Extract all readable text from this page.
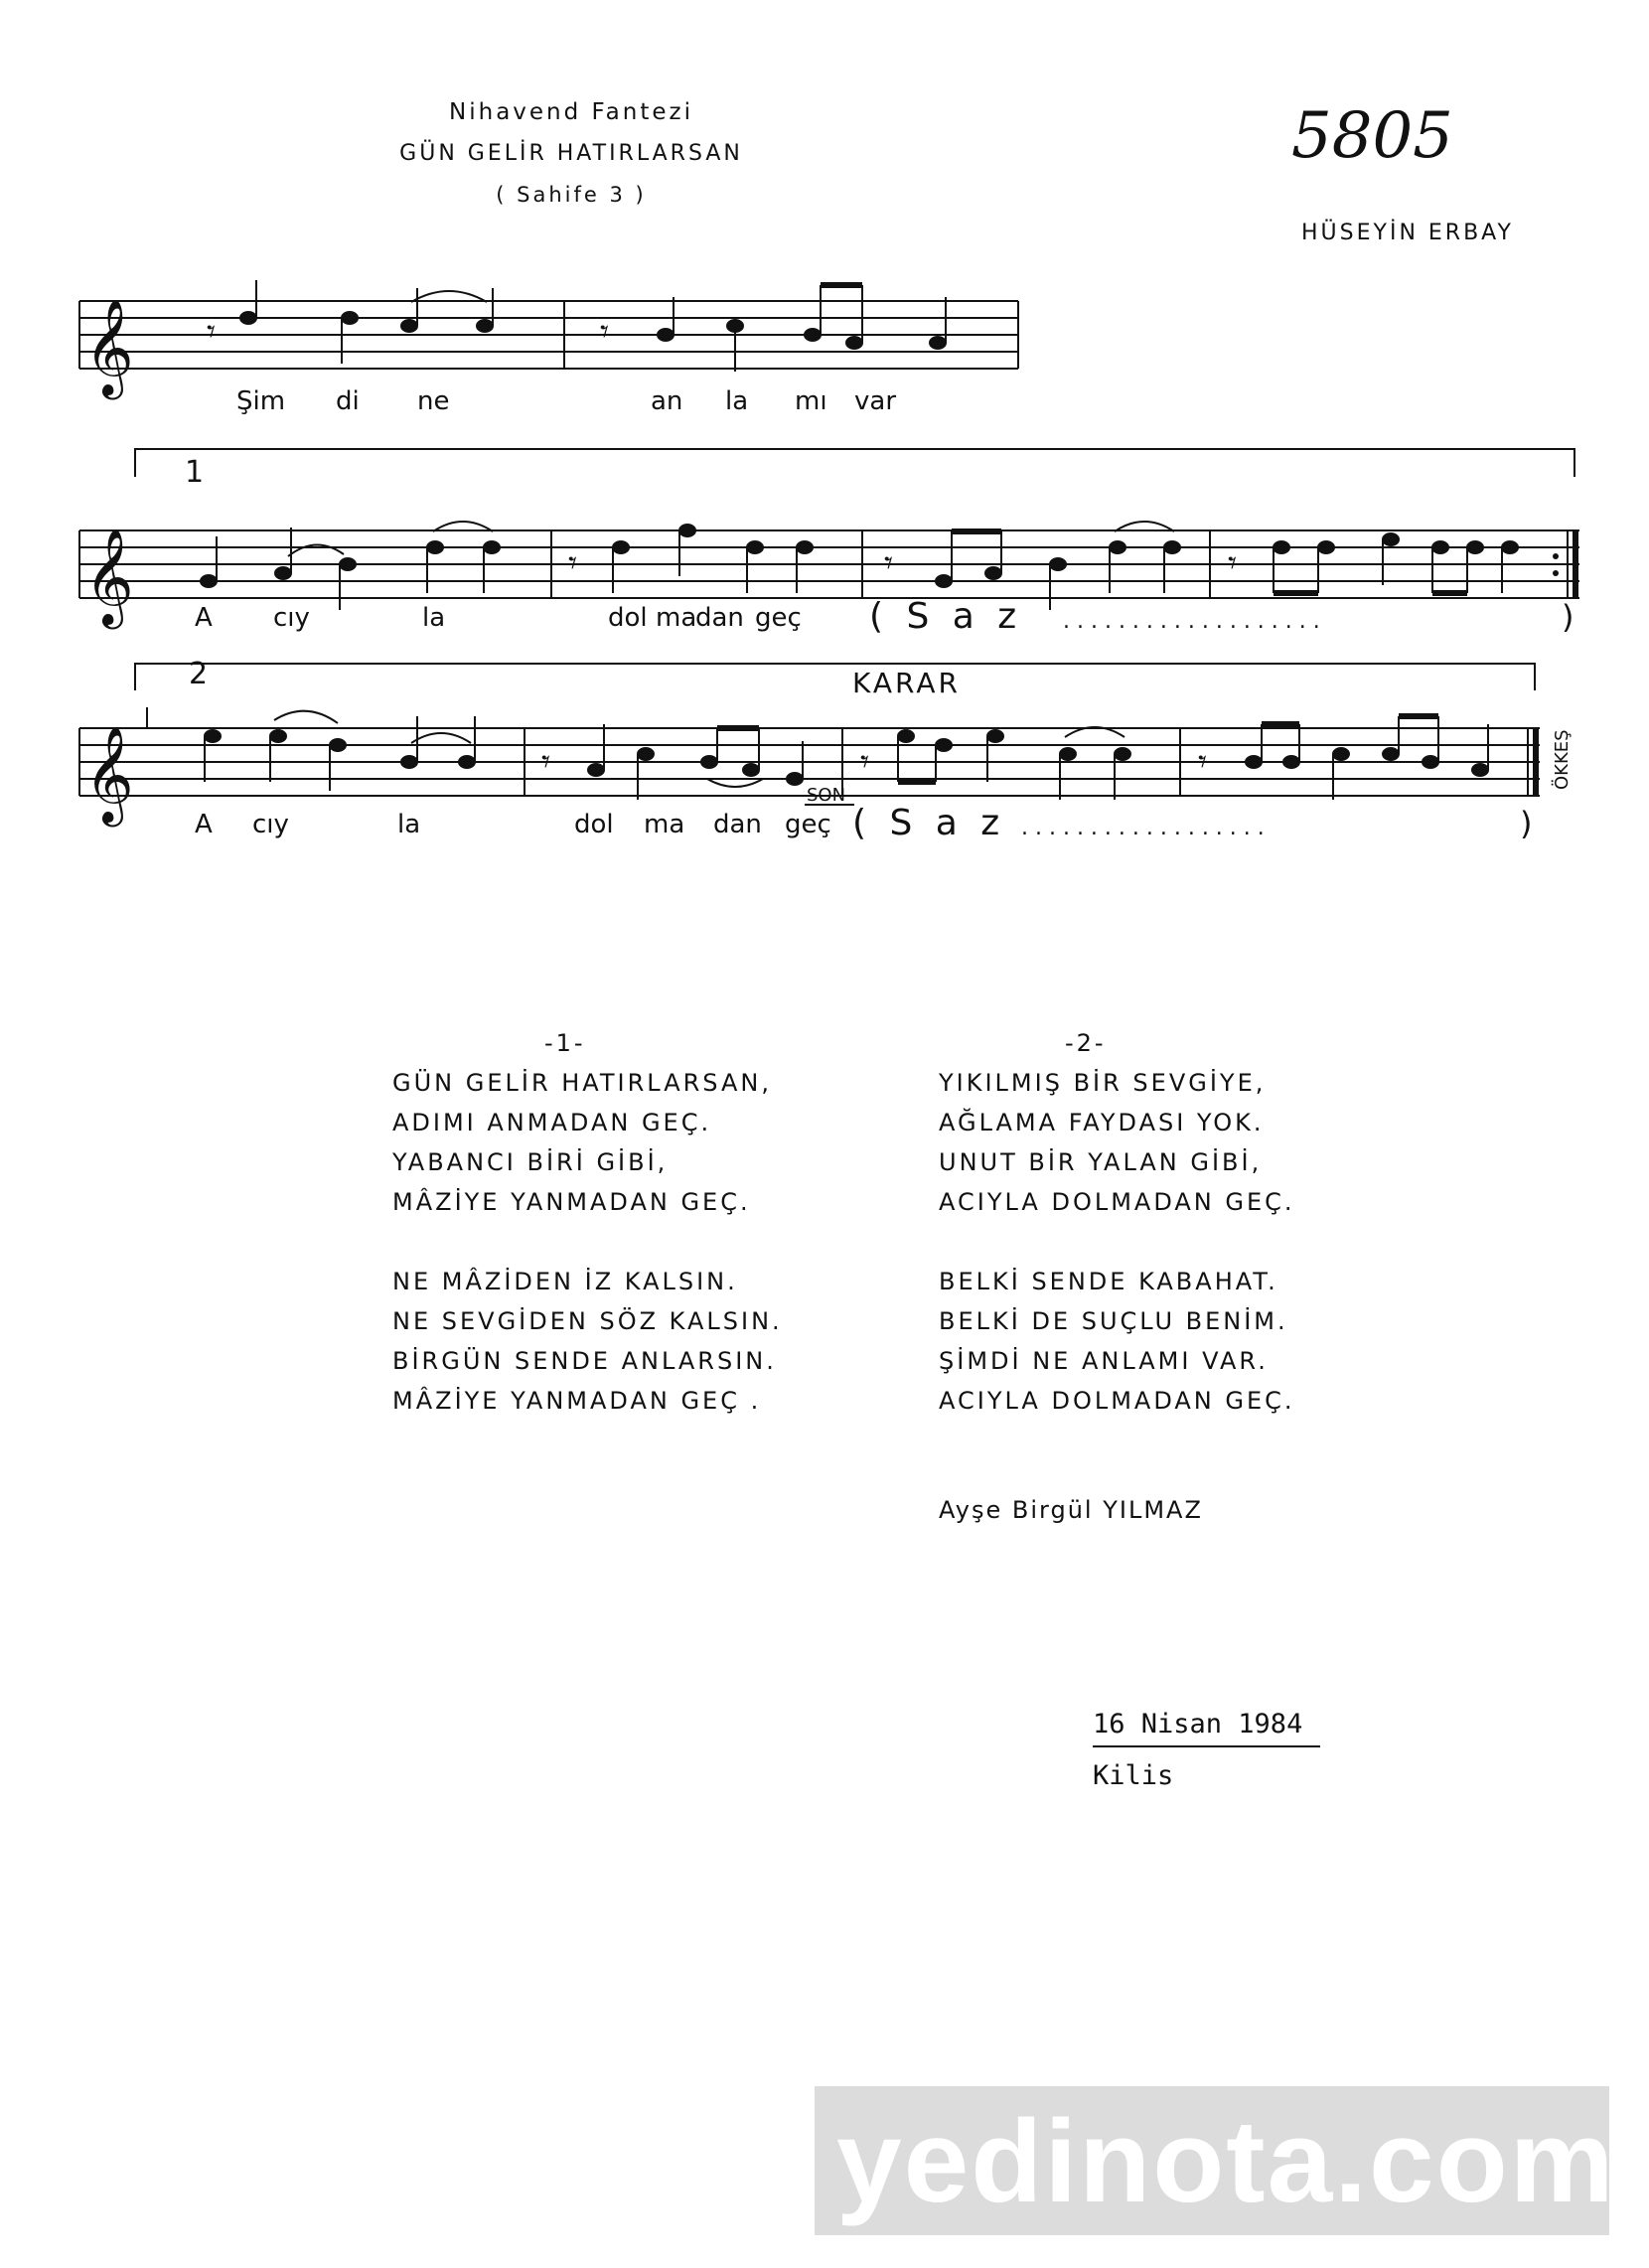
Nihavend Fantezi
GÜN GELİR HATIRLARSAN
( Sahife 3 )
5805
HÜSEYİN ERBAY
𝄞 𝄾	𝄾
Şim di ne	an la mı var
1
𝄞	𝄾	𝄾	𝄾
A cıy	la	dol ma
dan geç ( S a z . . . . . . . . . . . . . . . . . . .	)
2	KARAR
𝄞	𝄾	𝄾	𝄾
SON
A cıy	la	dol ma dan geç ( S a z . . . . . . . . . . . . . . . . . .	)
ÖKKEŞ
-1-
GÜN GELİR HATIRLARSAN,
ADIMI ANMADAN GEÇ.
YABANCI BİRİ GİBİ,
MÂZİYE YANMADAN GEÇ.
NE MÂZİDEN İZ KALSIN.
NE SEVGİDEN SÖZ KALSIN.
BİRGÜN SENDE ANLARSIN.
MÂZİYE YANMADAN GEÇ .
-2-
YIKILMIŞ BİR SEVGİYE,
AĞLAMA FAYDASI YOK.
UNUT BİR YALAN GİBİ,
ACIYLA DOLMADAN GEÇ.
BELKİ SENDE KABAHAT.
BELKİ DE SUÇLU BENİM.
ŞİMDİ NE ANLAMI VAR.
ACIYLA DOLMADAN GEÇ.
Ayşe Birgül YILMAZ
16 Nisan 1984
Kilis
yedinota.com
